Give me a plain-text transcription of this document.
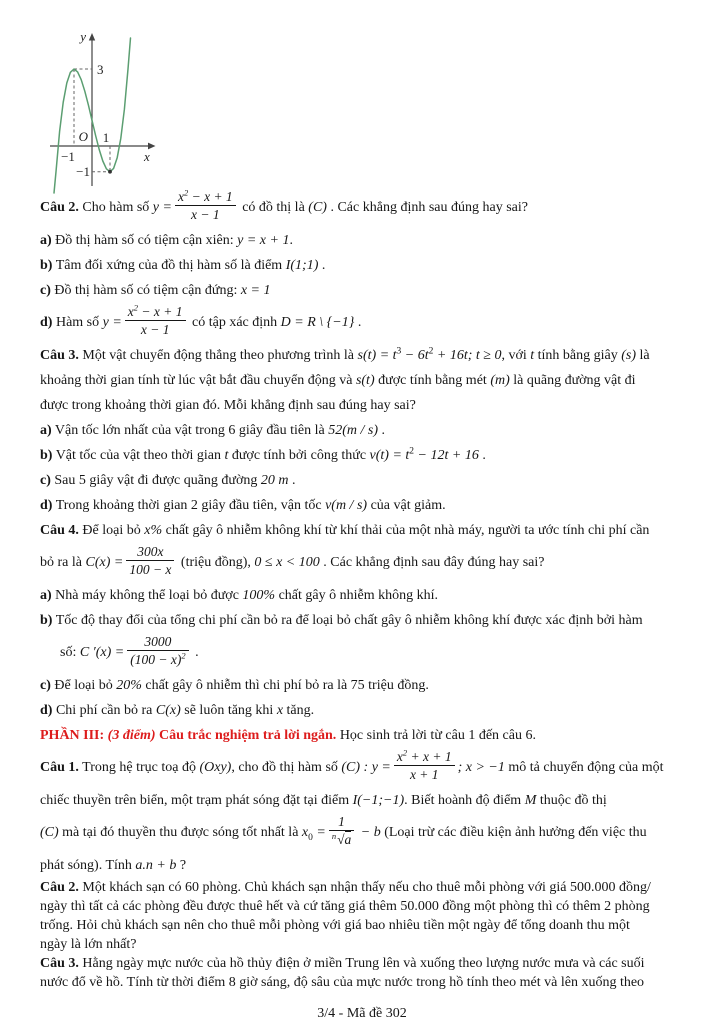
y
x
O
3
−1
1
−1
Câu 2. Cho hàm số $y = \frac{x^2 - x + 1}{x - 1}$ có đồ thị là (C) . Các khẳng định sau đúng hay sai?
a) Đồ thị hàm số có tiệm cận xiên: y = x + 1.
b) Tâm đối xứng của đồ thị hàm số là điểm I(1;1) .
c) Đồ thị hàm số có tiệm cận đứng: x = 1
d) Hàm số $y = \frac{x^2 - x + 1}{x - 1}$ có tập xác định D = R \ {−1} .
Câu 3. Một vật chuyển động thẳng theo phương trình là $s(t) = t^3 - 6t^2 + 16t$; t ≥ 0, với t tính bằng giây (s) là
khoảng thời gian tính từ lúc vật bắt đầu chuyển động và s(t) được tính bằng mét (m) là quãng đường vật đi
được trong khoảng thời gian đó. Mỗi khẳng định sau đúng hay sai?
a) Vận tốc lớn nhất của vật trong 6 giây đầu tiên là 52(m / s) .
b) Vật tốc của vật theo thời gian t được tính bởi công thức $v(t) = t^2 - 12t + 16$ .
c) Sau 5 giây vật đi được quãng đường 20 m .
d) Trong khoảng thời gian 2 giây đầu tiên, vận tốc v(m / s) của vật giảm.
Câu 4. Để loại bỏ x% chất gây ô nhiễm không khí từ khí thải của một nhà máy, người ta ước tính chi phí cần
bỏ ra là $C(x) = \frac{300x}{100 - x}$ (triệu đồng), 0 ≤ x < 100 . Các khẳng định sau đây đúng hay sai?
a) Nhà máy không thể loại bỏ được 100% chất gây ô nhiễm không khí.
b) Tốc độ thay đổi của tổng chi phí cần bỏ ra để loại bỏ chất gây ô nhiễm không khí được xác định bởi hàm
số: C $'(x) = \frac{3000}{(100 - x)^2}$ .
c) Để loại bỏ 20% chất gây ô nhiễm thì chi phí bỏ ra là 75 triệu đồng.
d) Chi phí cần bỏ ra C(x) sẽ luôn tăng khi x tăng.
PHẦN III: (3 điểm) Câu trắc nghiệm trả lời ngắn. Học sinh trả lời từ câu 1 đến câu 6.
Câu 1. Trong hệ trục toạ độ (Oxy), cho đồ thị hàm số (C) : $y = \frac{x^2 + x + 1}{x + 1}$ ; x > −1 mô tả chuyển động của một
chiếc thuyền trên biển, một trạm phát sóng đặt tại điểm I(−1;−1). Biết hoành độ điểm M thuộc đồ thị
(C) mà tại đó thuyền thu được sóng tốt nhất là $x_0 = \frac{1}{^n√a} - b$ (Loại trừ các điều kiện ảnh hưởng đến việc thu
phát sóng). Tính a.n + b ?
Câu 2. Một khách sạn có 60 phòng. Chủ khách sạn nhận thấy nếu cho thuê mỗi phòng với giá 500.000 đồng/
ngày thì tất cả các phòng đều được thuê hết và cứ tăng giá thêm 50.000 đồng một phòng thì có thêm 2 phòng
trống. Hỏi chủ khách sạn nên cho thuê mỗi phòng với giá bao nhiêu tiền một ngày để tổng doanh thu một
ngày là lớn nhất?
Câu 3. Hằng ngày mực nước của hồ thủy điện ở miền Trung lên và xuống theo lượng nước mưa và các suối
nước đổ về hồ. Tính từ thời điểm 8 giờ sáng, độ sâu của mực nước trong hồ tính theo mét và lên xuống theo
3/4 - Mã đề 302
